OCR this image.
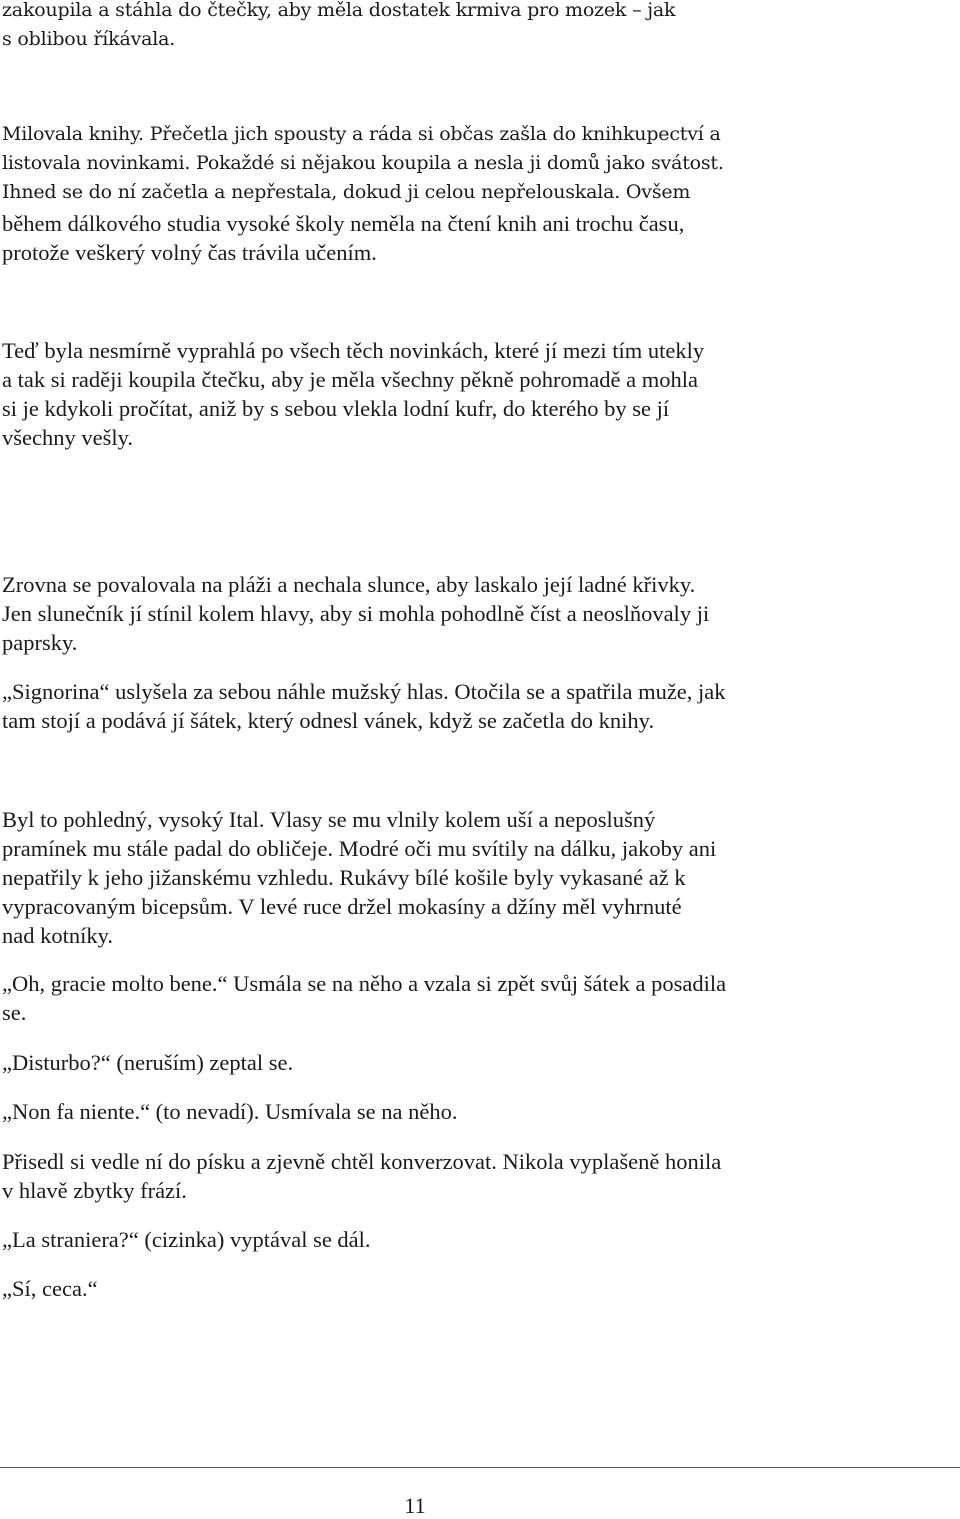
zakoupila a stáhla do čtečky, aby měla dostatek krmiva pro mozek – jak

s oblibou říkávala.

Milovala knihy. Přečetla jich spousty a ráda si občas zašla do knihkupectví a

listovala novinkami. Pokaždé si nějakou koupila a nesla ji domů jako svátost.

Ihned se do ní začetla a nepřestala, dokud ji celou nepřelouskala. Ovšem

během dálkového studia vysoké školy neměla na čtení knih ani trochu času,

protože veškerý volný čas trávila učením.

Teď byla nesmírně vyprahlá po všech těch novinkách, které jí mezi tím utekly

a tak si raději koupila čtečku, aby je měla všechny pěkně pohromadě a mohla

si je kdykoli pročítat, aniž by s sebou vlekla lodní kufr, do kterého by se jí

všechny vešly.

Zrovna se povalovala na pláži a nechala slunce, aby laskalo její ladné křivky.

Jen slunečník jí stínil kolem hlavy, aby si mohla pohodlně číst a neoslňovaly ji

paprsky.

„Signorina“ uslyšela za sebou náhle mužský hlas. Otočila se a spatřila muže, jak

tam stojí a podává jí šátek, který odnesl vánek, když se začetla do knihy.

Byl to pohledný, vysoký Ital. Vlasy se mu vlnily kolem uší a neposlušný

pramínek mu stále padal do obličeje. Modré oči mu svítily na dálku, jakoby ani

nepatřily k jeho jižanskému vzhledu. Rukávy bílé košile byly vykasané až k

vypracovaným bicepsům. V levé ruce držel mokasíny a džíny měl vyhrnuté

nad kotníky.

„Oh, gracie molto bene.“ Usmála se na něho a vzala si zpět svůj šátek a posadila

se.

„Disturbo?“ (neruším) zeptal se.

„Non fa niente.“ (to nevadí). Usmívala se na něho.

Přisedl si vedle ní do písku a zjevně chtěl konverzovat. Nikola vyplašeně honila

v hlavě zbytky frází.

„La straniera?“ (cizinka) vyptával se dál.

„Sí, ceca.“

11
